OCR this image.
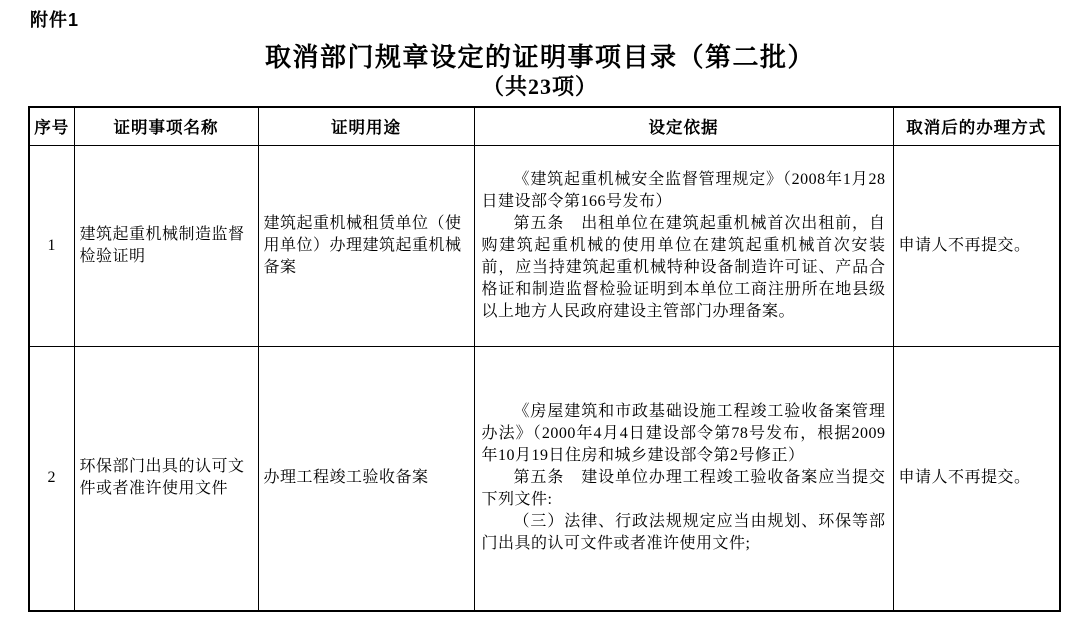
附件1
取消部门规章设定的证明事项目录（第二批）
（共23项）
序号	证明事项名称	证明用途	设定依据	取消后的办理方式
1	建筑起重机械制造监督检验证明	建筑起重机械租赁单位（使用单位）办理建筑起重机械备案	《建筑起重机械安全监督管理规定》（2008年1月28日建设部令第166号发布）

第五条　出租单位在建筑起重机械首次出租前，自购建筑起重机械的使用单位在建筑起重机械首次安装前，应当持建筑起重机械特种设备制造许可证、产品合格证和制造监督检验证明到本单位工商注册所在地县级以上地方人民政府建设主管部门办理备案。	申请人不再提交。
2	环保部门出具的认可文件或者准许使用文件	办理工程竣工验收备案	《房屋建筑和市政基础设施工程竣工验收备案管理办法》（2000年4月4日建设部令第78号发布，根据2009年10月19日住房和城乡建设部令第2号修正）

第五条　建设单位办理工程竣工验收备案应当提交下列文件:

（三）法律、行政法规规定应当由规划、环保等部门出具的认可文件或者准许使用文件;	申请人不再提交。
